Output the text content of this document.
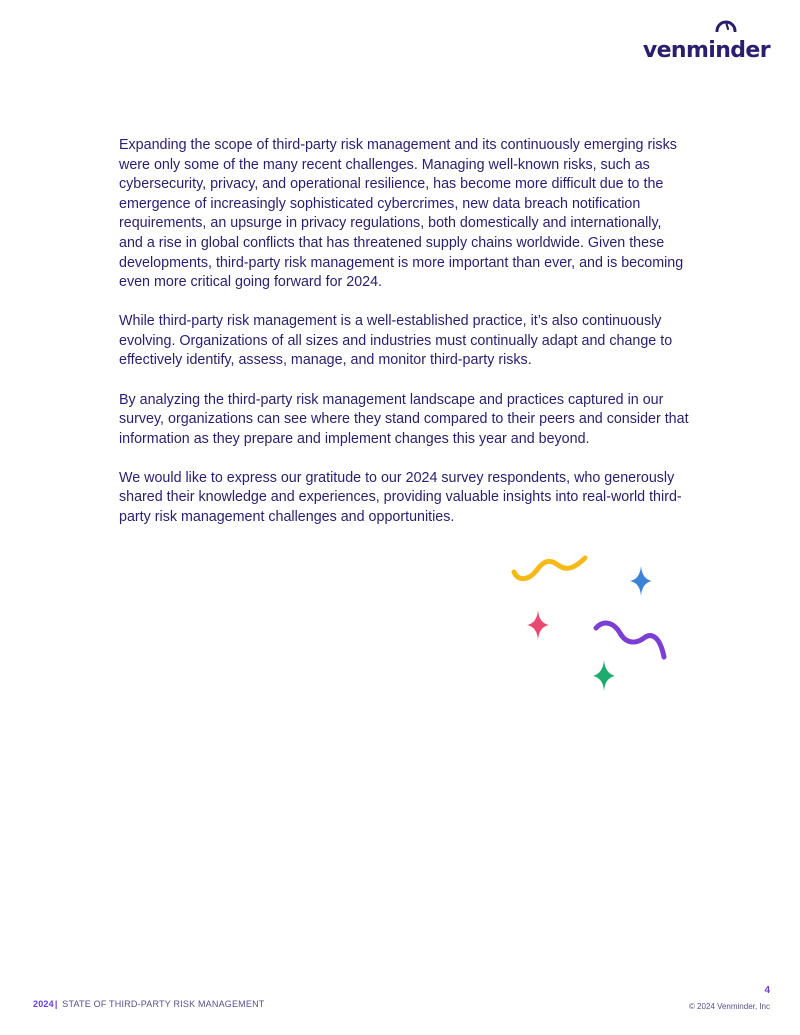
venminder

Expanding the scope of third-party risk management and its continuously emerging risks were only some of the many recent challenges. Managing well-known risks, such as cybersecurity, privacy, and operational resilience, has become more difficult due to the emergence of increasingly sophisticated cybercrimes, new data breach notification requirements, an upsurge in privacy regulations, both domestically and internationally, and a rise in global conflicts that has threatened supply chains worldwide. Given these developments, third-party risk management is more important than ever, and is becoming even more critical going forward for 2024.

While third-party risk management is a well-established practice, it’s also continuously evolving. Organizations of all sizes and industries must continually adapt and change to effectively identify, assess, manage, and monitor third-party risks.

By analyzing the third-party risk management landscape and practices captured in our survey, organizations can see where they stand compared to their peers and consider that information as they prepare and implement changes this year and beyond.

We would like to express our gratitude to our 2024 survey respondents, who generously shared their knowledge and experiences, providing valuable insights into real-world third-party risk management challenges and opportunities.

4
2024| STATE OF THIRD-PARTY RISK MANAGEMENT	© 2024 Venminder, Inc
